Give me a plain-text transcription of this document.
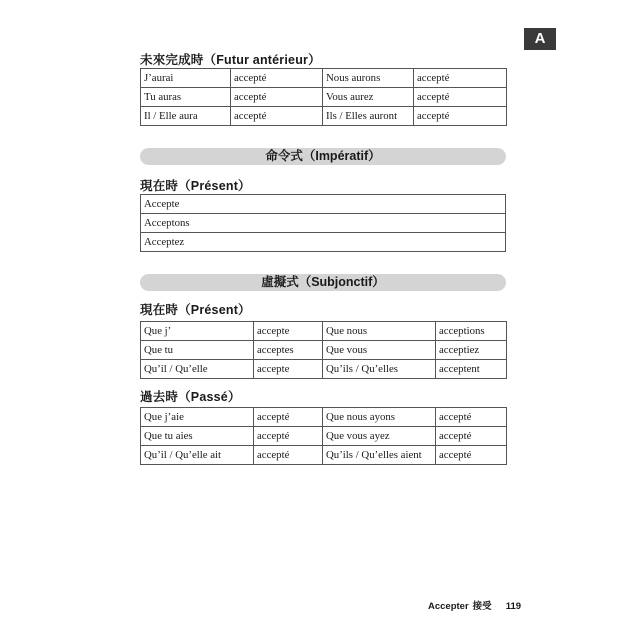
A
未來完成時（Futur antérieur）
J’aurai	accepté	Nous aurons	accepté
Tu auras	accepté	Vous aurez	accepté
Il / Elle aura	accepté	Ils / Elles auront	accepté
命令式（Impératif）
現在時（Présent）
Accepte
Acceptons
Acceptez
虛擬式（Subjonctif）
現在時（Présent）
Que j’	accepte	Que nous	acceptions
Que tu	acceptes	Que vous	acceptiez
Qu’il / Qu’elle	accepte	Qu’ils / Qu’elles	acceptent
過去時（Passé）
Que j’aie	accepté	Que nous ayons	accepté
Que tu aies	accepté	Que vous ayez	accepté
Qu’il / Qu’elle ait	accepté	Qu’ils / Qu’elles aient	accepté
Accepter 接受 119
